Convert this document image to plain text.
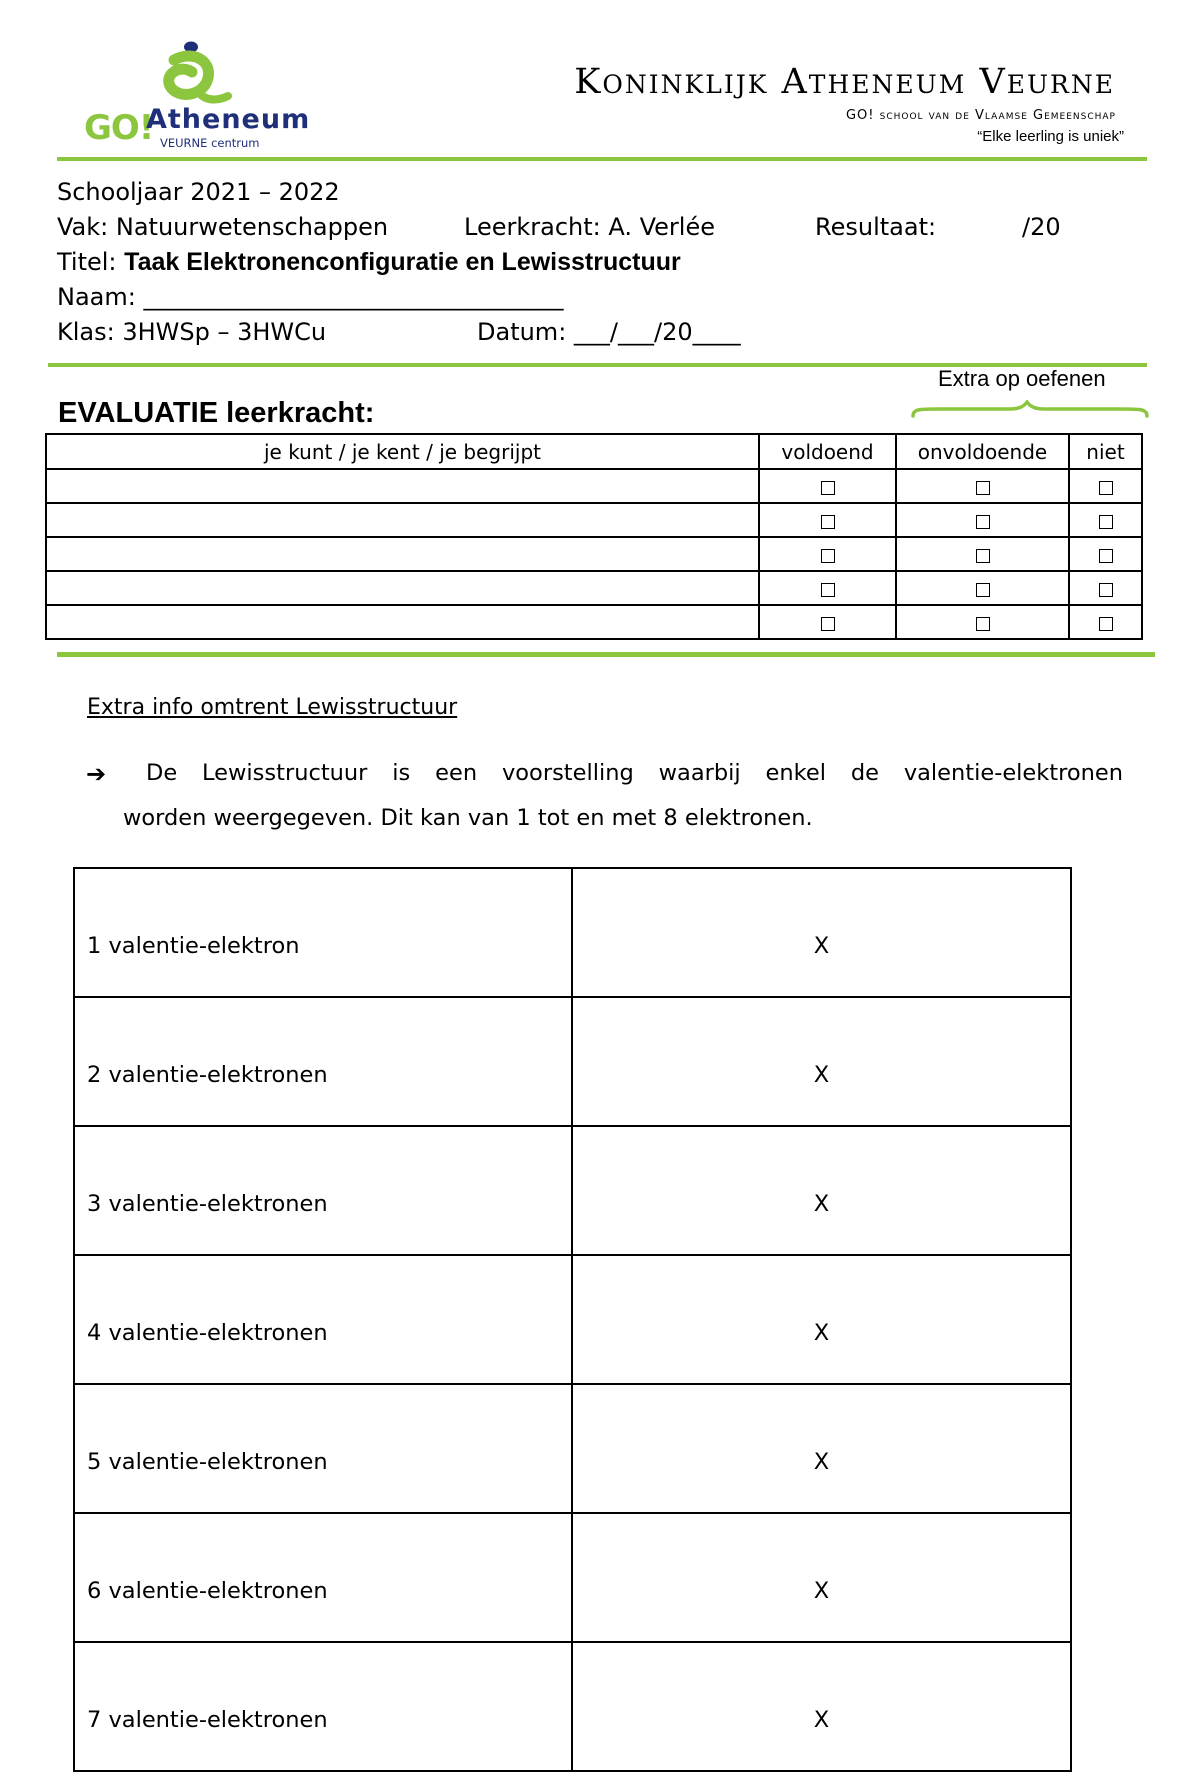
GO!
Atheneum
VEURNE centrum
Koninklijk Atheneum Veurne
GO! school van de Vlaamse Gemeenschap
“Elke leerling is uniek”
Schooljaar 2021 – 2022
Vak: Natuurwetenschappen	Leerkracht: A. Verlée	Resultaat:	/20
Titel: Taak Elektronenconfiguratie en Lewisstructuur
Naam: ___________________________________
Klas: 3HWSp – 3HWCu	Datum: ___/___/20____
Extra op oefenen
EVALUATIE leerkracht:
je kunt / je kent / je begrijpt	voldoend	onvoldoende	niet

Extra info omtrent Lewisstructuur
➔ De Lewisstructuur is een voorstelling waarbij enkel de valentie-elektronen
worden weergegeven. Dit kan van 1 tot en met 8 elektronen.
1 valentie-elektron	X
2 valentie-elektronen	X
3 valentie-elektronen	X
4 valentie-elektronen	X
5 valentie-elektronen	X
6 valentie-elektronen	X
7 valentie-elektronen	X
